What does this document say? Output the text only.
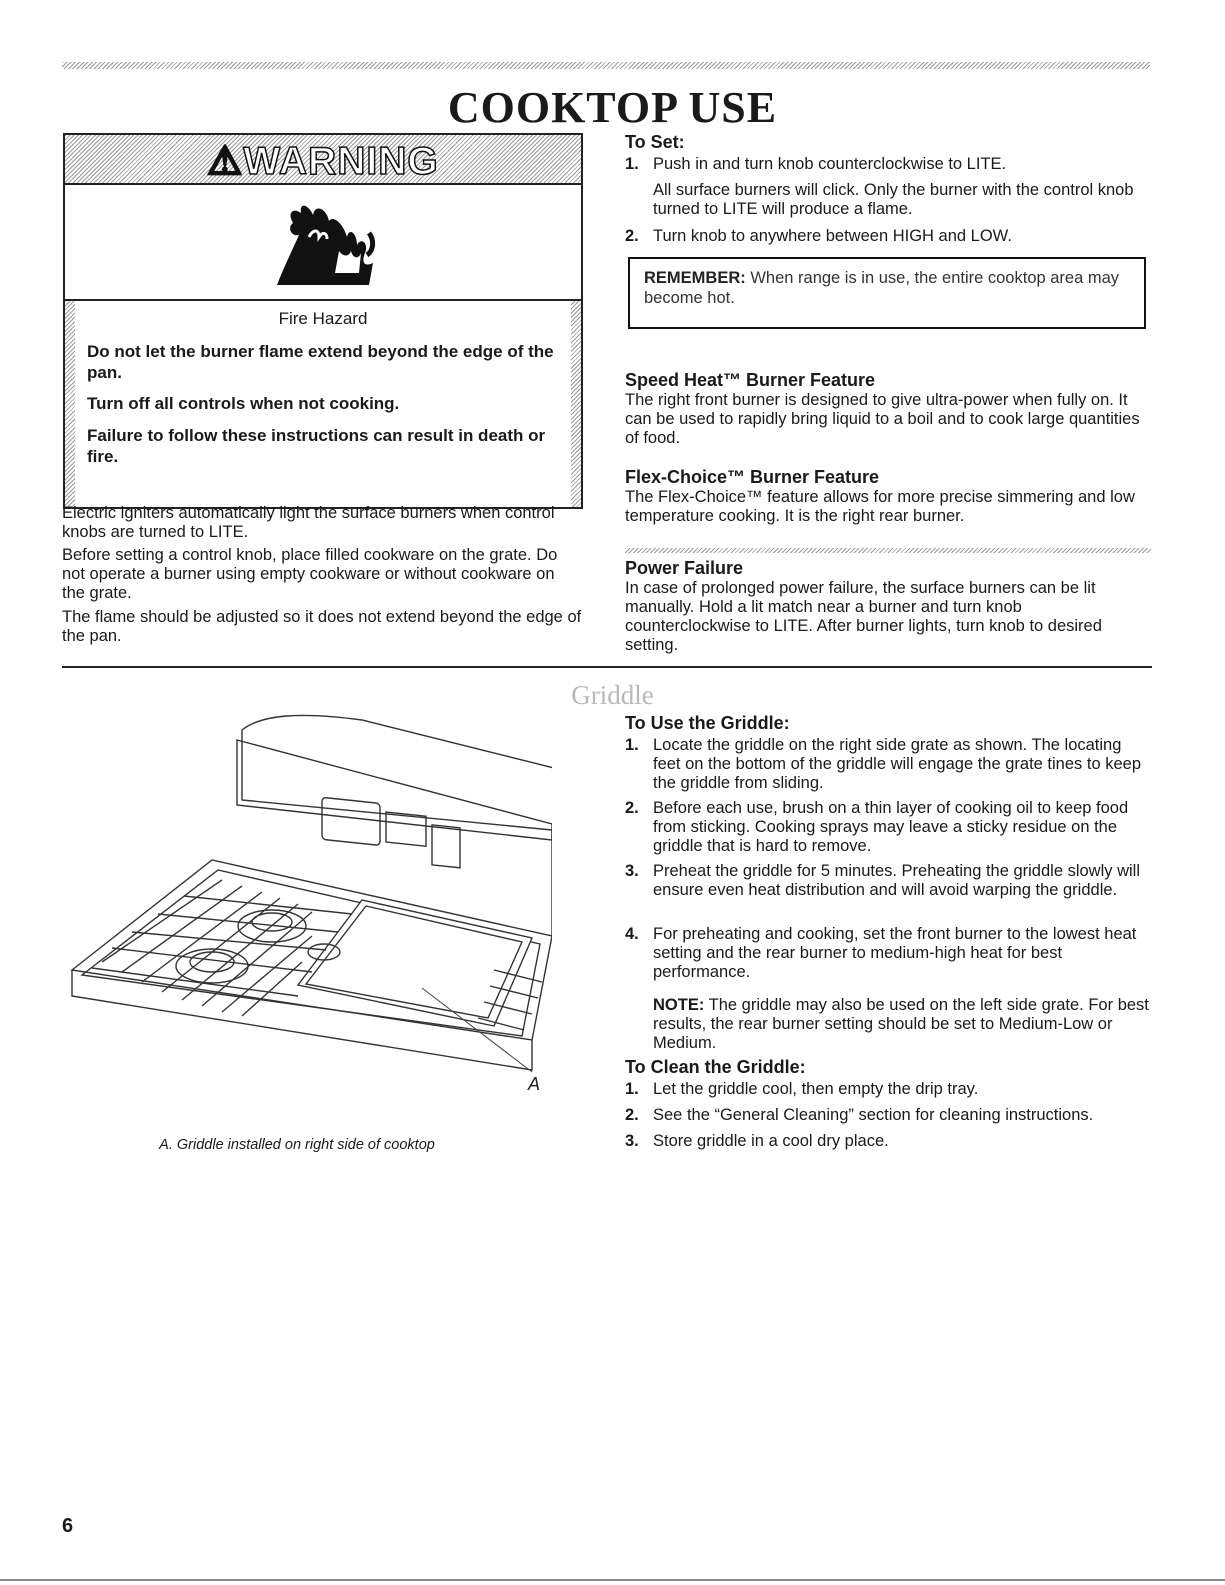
COOKTOP USE
⚠WARNING
Fire Hazard
Do not let the burner flame extend beyond the edge of the pan.
Turn off all controls when not cooking.
Failure to follow these instructions can result in death or fire.
Electric igniters automatically light the surface burners when control knobs are turned to LITE.
Before setting a control knob, place filled cookware on the grate. Do not operate a burner using empty cookware or without cookware on the grate.
The flame should be adjusted so it does not extend beyond the edge of the pan.
To Set:
1. Push in and turn knob counterclockwise to LITE.
All surface burners will click. Only the burner with the control knob turned to LITE will produce a flame.
2. Turn knob to anywhere between HIGH and LOW.
REMEMBER: When range is in use, the entire cooktop area may become hot.
Speed Heat™ Burner Feature
The right front burner is designed to give ultra-power when fully on. It can be used to rapidly bring liquid to a boil and to cook large quantities of food.
Flex-Choice™ Burner Feature
The Flex-Choice™ feature allows for more precise simmering and low temperature cooking. It is the right rear burner.
Power Failure
In case of prolonged power failure, the surface burners can be lit manually. Hold a lit match near a burner and turn knob counterclockwise to LITE. After burner lights, turn knob to desired setting.
Griddle
A
A. Griddle installed on right side of cooktop
To Use the Griddle:
1. Locate the griddle on the right side grate as shown. The locating feet on the bottom of the griddle will engage the grate tines to keep the griddle from sliding.
2. Before each use, brush on a thin layer of cooking oil to keep food from sticking. Cooking sprays may leave a sticky residue on the griddle that is hard to remove.
3. Preheat the griddle for 5 minutes. Preheating the griddle slowly will ensure even heat distribution and will avoid warping the griddle.
4. For preheating and cooking, set the front burner to the lowest heat setting and the rear burner to medium-high heat for best performance.
NOTE: The griddle may also be used on the left side grate. For best results, the rear burner setting should be set to Medium-Low or Medium.
To Clean the Griddle:
1. Let the griddle cool, then empty the drip tray.
2. See the “General Cleaning” section for cleaning instructions.
3. Store griddle in a cool dry place.
6
